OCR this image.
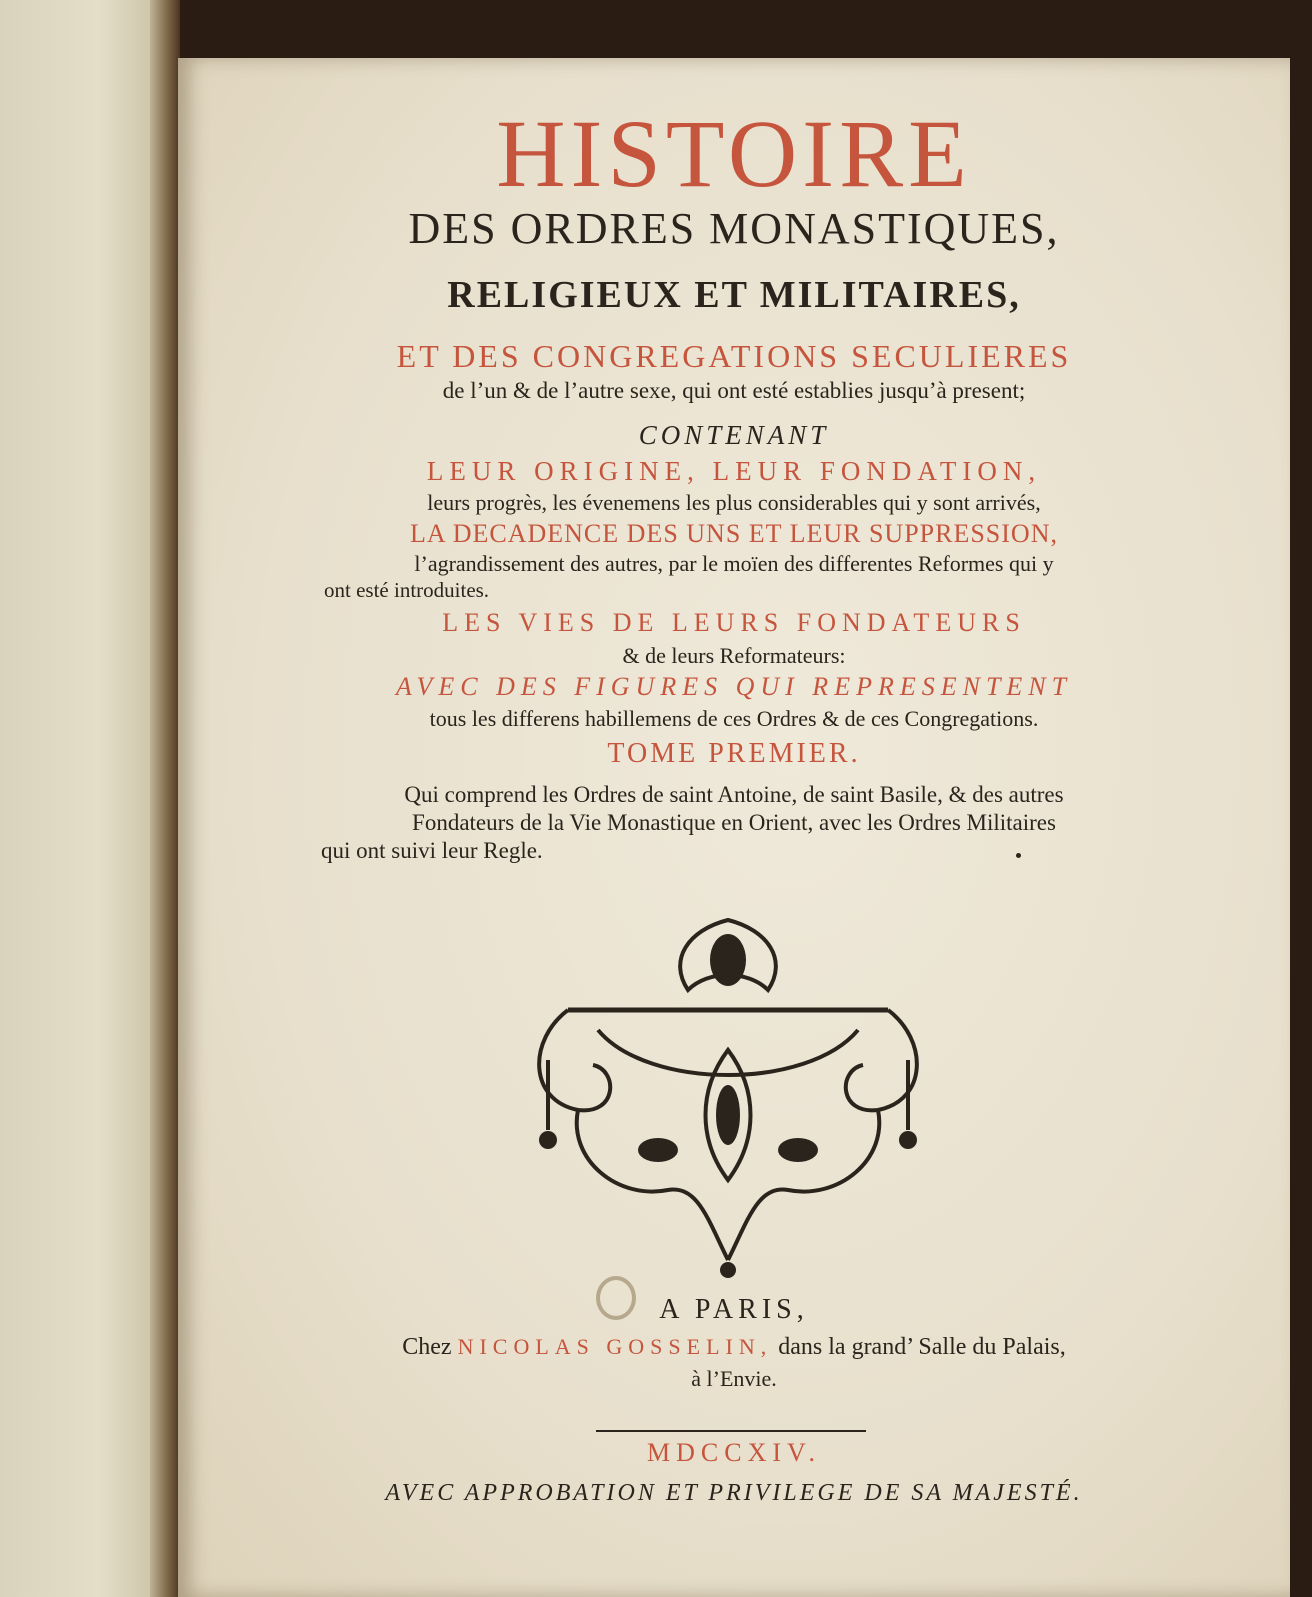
HISTOIRE
DES ORDRES MONASTIQUES,
RELIGIEUX ET MILITAIRES,
ET DES CONGREGATIONS SECULIERES
de l’un & de l’autre sexe, qui ont esté establies jusqu’à present;
CONTENANT
LEUR ORIGINE, LEUR FONDATION,
leurs progrès, les évenemens les plus considerables qui y sont arrivés,
LA DECADENCE DES UNS ET LEUR SUPPRESSION,
l’agrandissement des autres, par le moïen des differentes Reformes qui y
ont esté introduites.
LES VIES DE LEURS FONDATEURS
& de leurs Reformateurs:
AVEC DES FIGURES QUI REPRESENTENT
tous les differens habillemens de ces Ordres & de ces Congregations.
TOME PREMIER.
Qui comprend les Ordres de saint Antoine, de saint Basile, & des autres
Fondateurs de la Vie Monastique en Orient, avec les Ordres Militaires
qui ont suivi leur Regle.
A PARIS,
Chez NICOLAS GOSSELIN, dans la grand’ Salle du Palais,
à l’Envie.
MDCCXIV.
AVEC APPROBATION ET PRIVILEGE DE SA MAJESTÉ.
